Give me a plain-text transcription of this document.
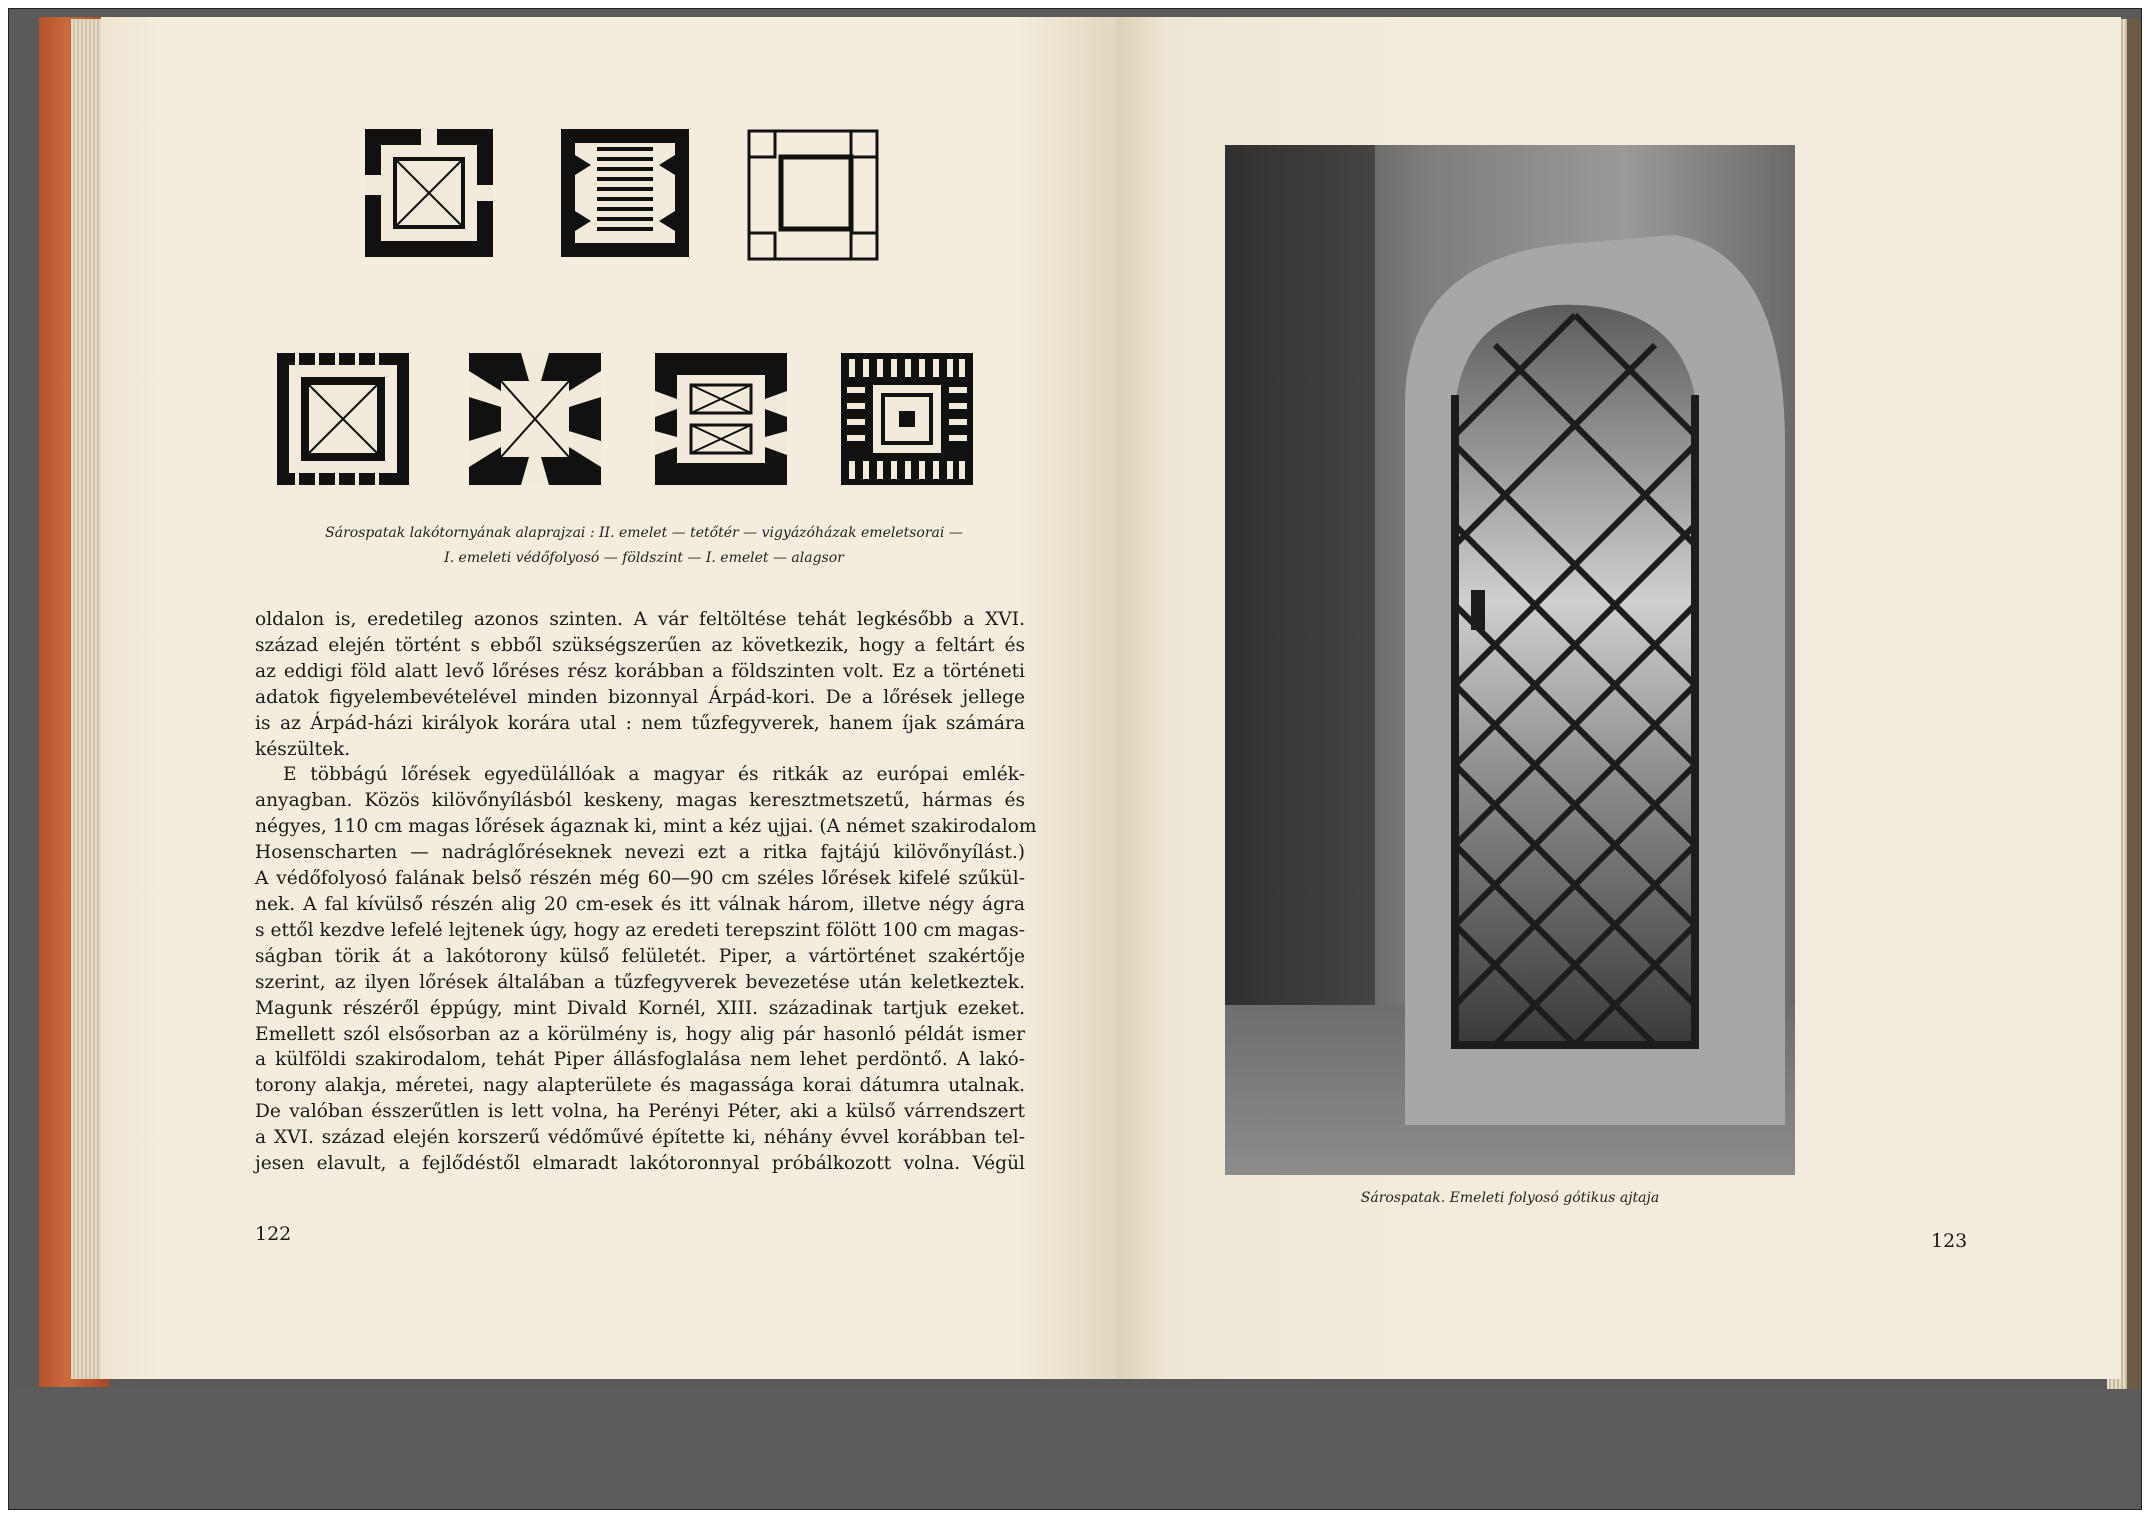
Sárospatak lakótornyának alaprajzai : II. emelet — tetőtér — vigyázóházak emeletsorai —
I. emeleti védőfolyosó — földszint — I. emelet — alagsor
oldalon is, eredetileg azonos szinten. A vár feltöltése tehát legkésőbb a XVI.
század elején történt s ebből szükségszerűen az következik, hogy a feltárt és
az eddigi föld alatt levő lőréses rész korábban a földszinten volt. Ez a történeti
adatok figyelembevételével minden bizonnyal Árpád-kori. De a lőrések jellege
is az Árpád-házi királyok korára utal : nem tűzfegyverek, hanem íjak számára
készültek.
E többágú lőrések egyedülállóak a magyar és ritkák az európai emlék-
anyagban. Közös kilövőnyílásból keskeny, magas keresztmetszetű, hármas és
négyes, 110 cm magas lőrések ágaznak ki, mint a kéz ujjai. (A német szakirodalom
Hosenscharten — nadráglőréseknek nevezi ezt a ritka fajtájú kilövőnyílást.)
A védőfolyosó falának belső részén még 60—90 cm széles lőrések kifelé szűkül-
nek. A fal kívülső részén alig 20 cm-esek és itt válnak három, illetve négy ágra
s ettől kezdve lefelé lejtenek úgy, hogy az eredeti terepszint fölött 100 cm magas-
ságban törik át a lakótorony külső felületét. Piper, a vártörténet szakértője
szerint, az ilyen lőrések általában a tűzfegyverek bevezetése után keletkeztek.
Magunk részéről éppúgy, mint Divald Kornél, XIII. századinak tartjuk ezeket.
Emellett szól elsősorban az a körülmény is, hogy alig pár hasonló példát ismer
a külföldi szakirodalom, tehát Piper állásfoglalása nem lehet perdöntő. A lakó-
torony alakja, méretei, nagy alapterülete és magassága korai dátumra utalnak.
De valóban ésszerűtlen is lett volna, ha Perényi Péter, aki a külső várrendszert
a XVI. század elején korszerű védőművé építette ki, néhány évvel korábban tel-
jesen elavult, a fejlődéstől elmaradt lakótoronnyal próbálkozott volna. Végül
122
Sárospatak. Emeleti folyosó gótikus ajtaja
123
